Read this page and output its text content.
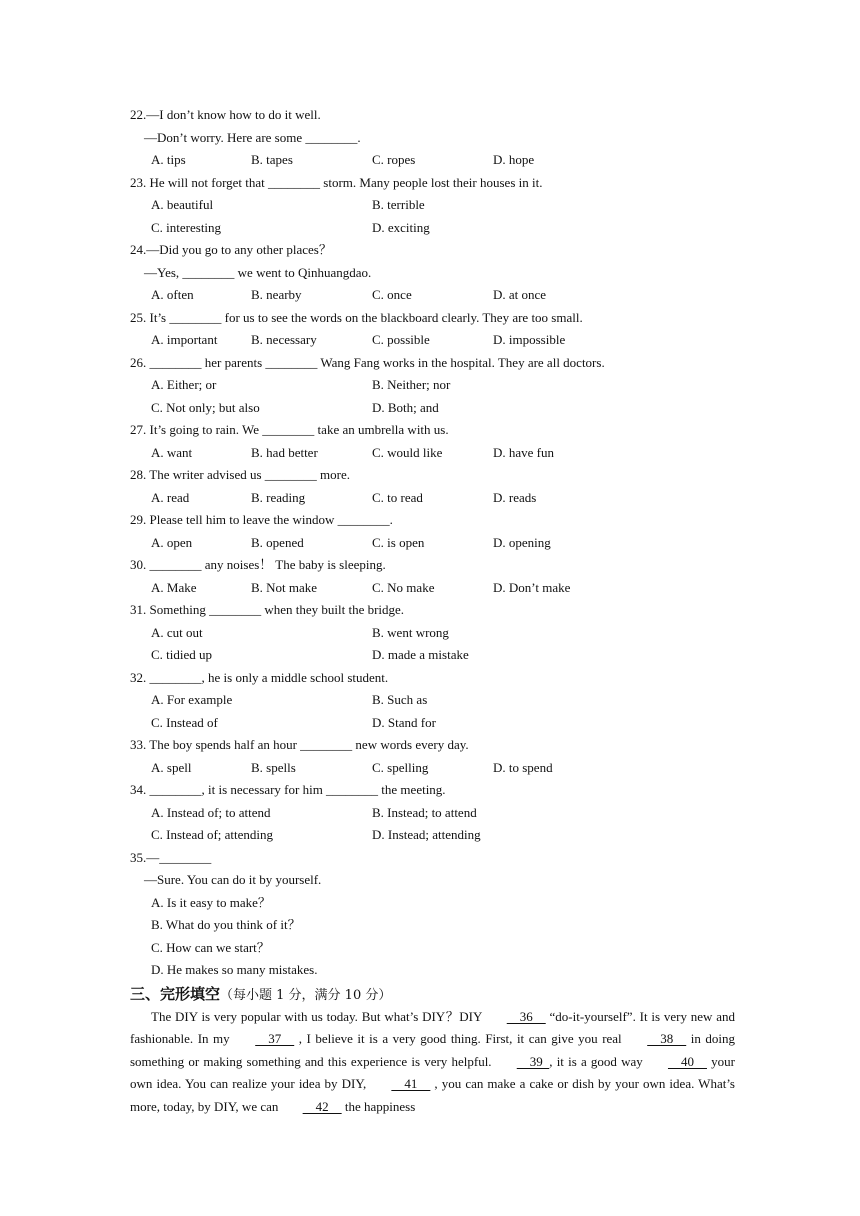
22.—I don’t know how to do it well.
—Don’t worry. Here are some ________.
A. tips	B. tapes	C. ropes	D. hope
23. He will not forget that ________ storm. Many people lost their houses in it.
A. beautiful	B. terrible
C. interesting	D. exciting
24.—Did you go to any other places？
—Yes, ________ we went to Qinhuangdao.
A. often	B. nearby	C. once	D. at once
25. It’s ________ for us to see the words on the blackboard clearly. They are too small.
A. important	B. necessary	C. possible	D. impossible
26. ________ her parents ________ Wang Fang works in the hospital. They are all doctors.
A. Either; or	B. Neither; nor
C. Not only; but also	D. Both; and
27. It’s going to rain. We ________ take an umbrella with us.
A. want	B. had better	C. would like	D. have fun
28. The writer advised us ________ more.
A. read	B. reading	C. to read	D. reads
29. Please tell him to leave the window ________.
A. open	B. opened	C. is open	D. opening
30. ________ any noises！ The baby is sleeping.
A. Make	B. Not make	C. No make	D. Don’t make
31. Something ________ when they built the bridge.
A. cut out	B. went wrong
C. tidied up	D. made a mistake
32. ________, he is only a middle school student.
A. For example	B. Such as
C. Instead of	D. Stand for
33. The boy spends half an hour ________ new words every day.
A. spell	B. spells	C. spelling	D. to spend
34. ________, it is necessary for him ________ the meeting.
A. Instead of; to attend	B. Instead; to attend
C. Instead of; attending	D. Instead; attending
35.—________
—Sure. You can do it by yourself.
A. Is it easy to make？
B. What do you think of it？
C. How can we start？
D. He makes so many mistakes.
三、完形填空（每小题 1 分，满分 10 分）
The DIY is very popular with us today. But what’s DIY？DIY     36     “do-it-yourself”. It is very new and fashionable. In my     37     , I believe it is a very good thing. First, it can give you real     38     in doing something or making something and this experience is very helpful.     39  , it is a good way     40     your own idea. You can realize your idea by DIY,     41     , you can make a cake or dish by your own idea. What’s more, today, by DIY, we can     42     the happiness
